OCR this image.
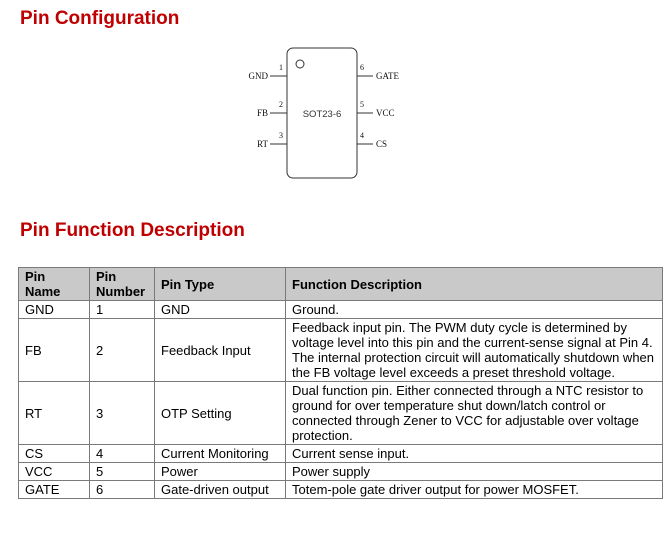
Pin Configuration
SOT23-6
1
GND
2
FB
3
RT
6
GATE
5
VCC
4
CS
Pin Function Description
Pin Name	Pin Number	Pin Type	Function Description
GND	1	GND	Ground.
FB	2	Feedback Input	Feedback input pin. The PWM duty cycle is determined by voltage level into this pin and the current-sense signal at Pin 4. The internal protection circuit will automatically shutdown when the FB voltage level exceeds a preset threshold voltage.
RT	3	OTP Setting	Dual function pin. Either connected through a NTC resistor to ground for over temperature shut down/latch control or connected through Zener to VCC for adjustable over voltage protection.
CS	4	Current Monitoring	Current sense input.
VCC	5	Power	Power supply
GATE	6	Gate-driven output	Totem-pole gate driver output for power MOSFET.
